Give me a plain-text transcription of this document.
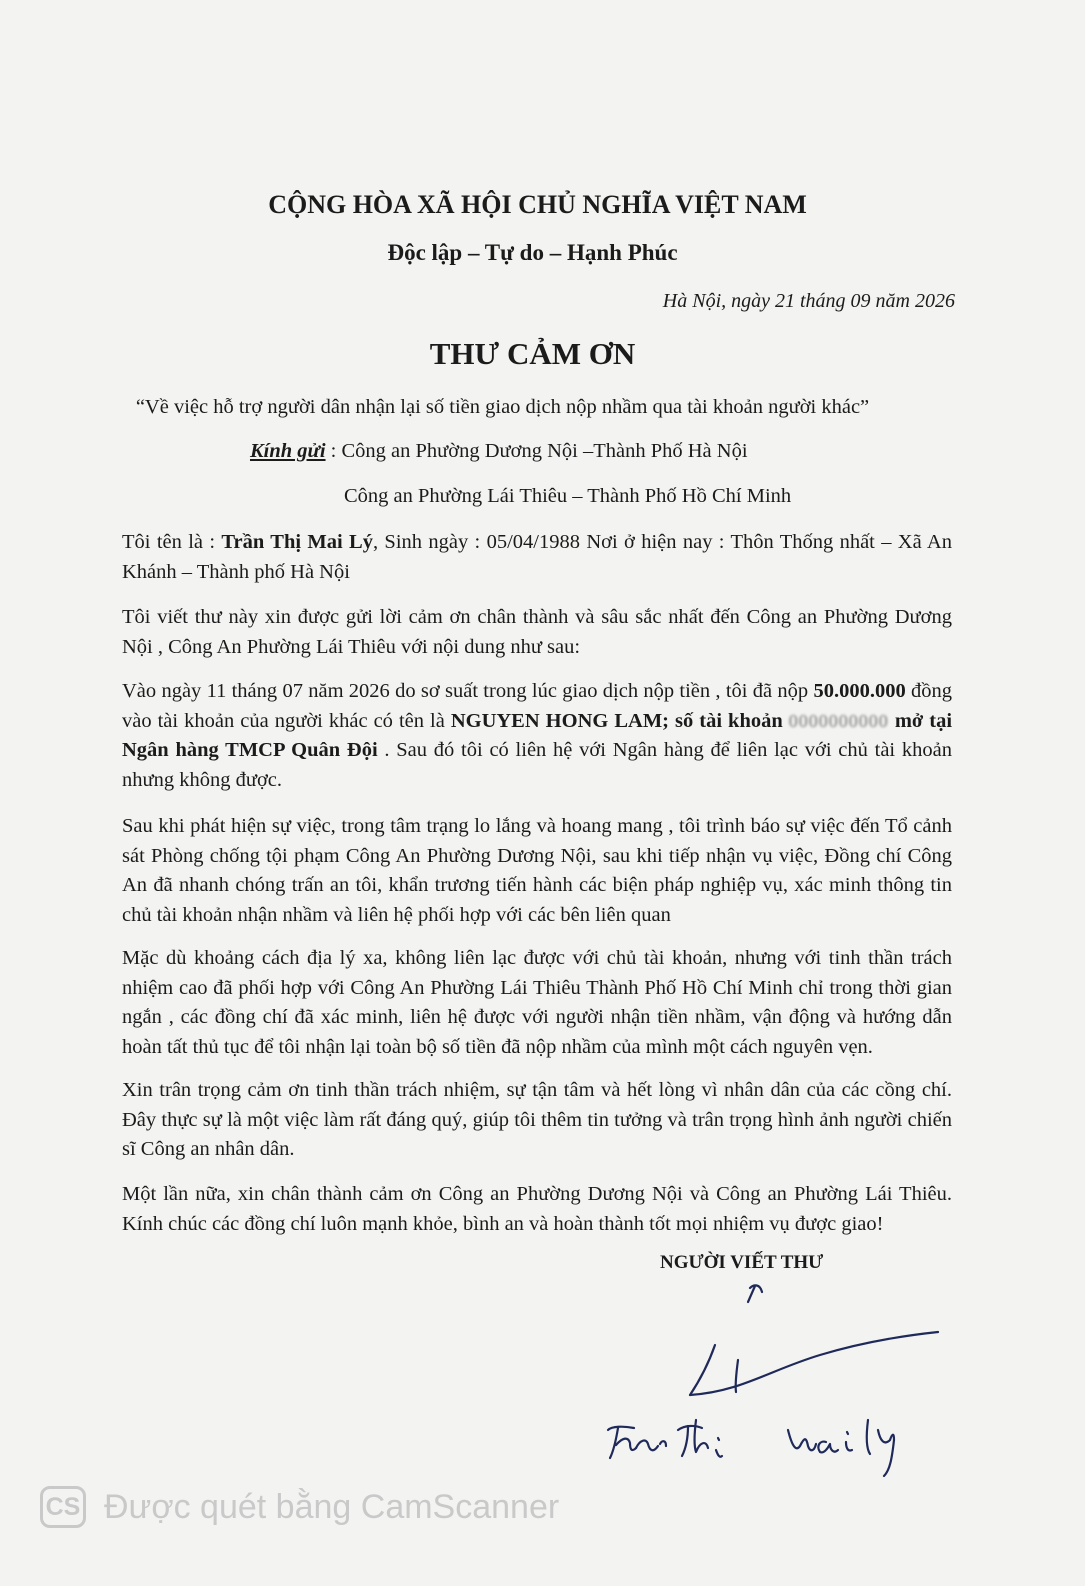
CỘNG HÒA XÃ HỘI CHỦ NGHĨA VIỆT NAM
Độc lập – Tự do – Hạnh Phúc
Hà Nội, ngày 21 tháng 09 năm 2026
THƯ CẢM ƠN
“Về việc hỗ trợ người dân nhận lại số tiền giao dịch nộp nhầm qua tài khoản người khác”
Kính gửi : Công an Phường Dương Nội –Thành Phố Hà Nội
Công an Phường Lái Thiêu – Thành Phố Hồ Chí Minh
Tôi tên là : Trần Thị Mai Lý, Sinh ngày : 05/04/1988 Nơi ở hiện nay : Thôn Thống nhất – Xã An Khánh – Thành phố Hà Nội
Tôi viết thư này xin được gửi lời cảm ơn chân thành và sâu sắc nhất đến Công an Phường Dương Nội , Công An Phường Lái Thiêu với nội dung như sau:
Vào ngày 11 tháng 07 năm 2026 do sơ suất trong lúc giao dịch nộp tiền , tôi đã nộp 50.000.000 đồng vào tài khoản của người khác có tên là NGUYEN HONG LAM; số tài khoản 0000000000 mở tại Ngân hàng TMCP Quân Đội . Sau đó tôi có liên hệ với Ngân hàng để liên lạc với chủ tài khoản nhưng không được.
Sau khi phát hiện sự việc, trong tâm trạng lo lắng và hoang mang , tôi trình báo sự việc đến Tổ cảnh sát Phòng chống tội phạm Công An Phường Dương Nội, sau khi tiếp nhận vụ việc, Đồng chí Công An đã nhanh chóng trấn an tôi, khẩn trương tiến hành các biện pháp nghiệp vụ, xác minh thông tin chủ tài khoản nhận nhầm và liên hệ phối hợp với các bên liên quan
Mặc dù khoảng cách địa lý xa, không liên lạc được với chủ tài khoản, nhưng với tinh thần trách nhiệm cao đã phối hợp với Công An Phường Lái Thiêu Thành Phố Hồ Chí Minh chỉ trong thời gian ngắn , các đồng chí đã xác minh, liên hệ được với người nhận tiền nhầm, vận động và hướng dẫn hoàn tất thủ tục để tôi nhận lại toàn bộ số tiền đã nộp nhầm của mình một cách nguyên vẹn.
Xin trân trọng cảm ơn tinh thần trách nhiệm, sự tận tâm và hết lòng vì nhân dân của các cồng chí. Đây thực sự là một việc làm rất đáng quý, giúp tôi thêm tin tưởng và trân trọng hình ảnh người chiến sĩ Công an nhân dân.
Một lần nữa, xin chân thành cảm ơn Công an Phường Dương Nội và Công an Phường Lái Thiêu. Kính chúc các đồng chí luôn mạnh khỏe, bình an và hoàn thành tốt mọi nhiệm vụ được giao!
NGƯỜI VIẾT THƯ
CS Được quét bằng CamScanner
